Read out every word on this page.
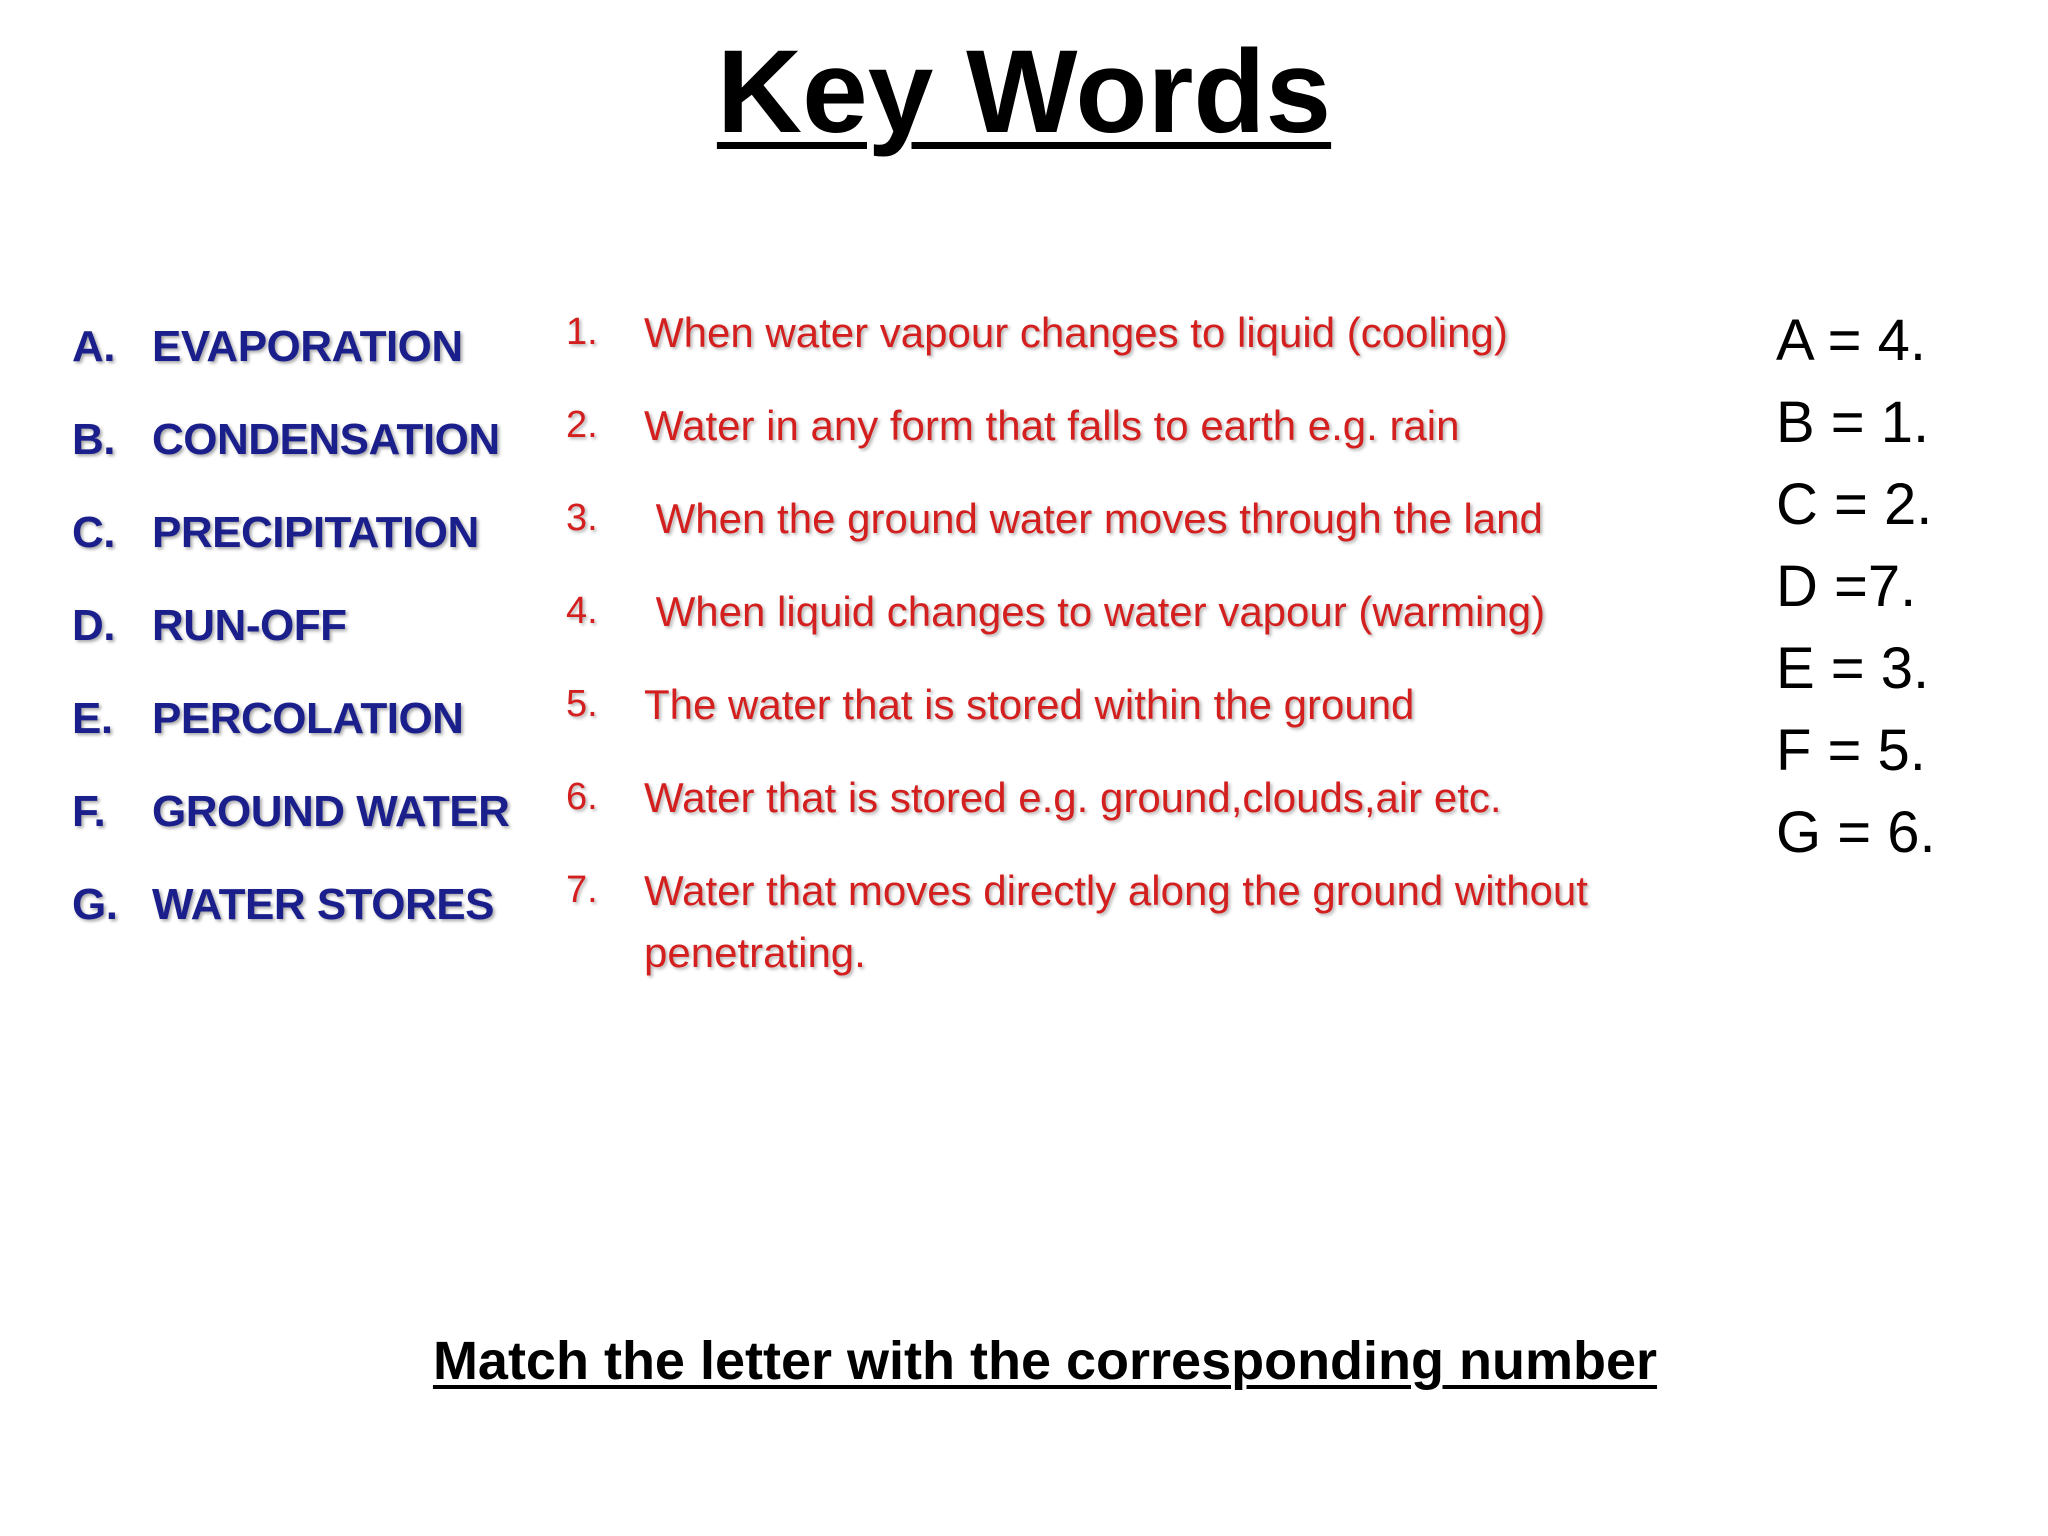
Key Words
A. EVAPORATION
B. CONDENSATION
C. PRECIPITATION
D. RUN-OFF
E. PERCOLATION
F.	GROUND WATER
G. WATER STORES
1.	When water vapour changes to liquid (cooling)
2.	Water in any form that falls to earth e.g. rain
3.	When the ground water moves through the land
4.	When liquid changes to water vapour (warming)
5.	The water that is stored within the ground
6.	Water that is stored e.g. ground,clouds,air etc.
7.	Water that moves directly along the ground without penetrating.
A = 4.
B = 1.
C = 2.
D =7.
E = 3.
F = 5.
G = 6.
Match the letter with the corresponding number
